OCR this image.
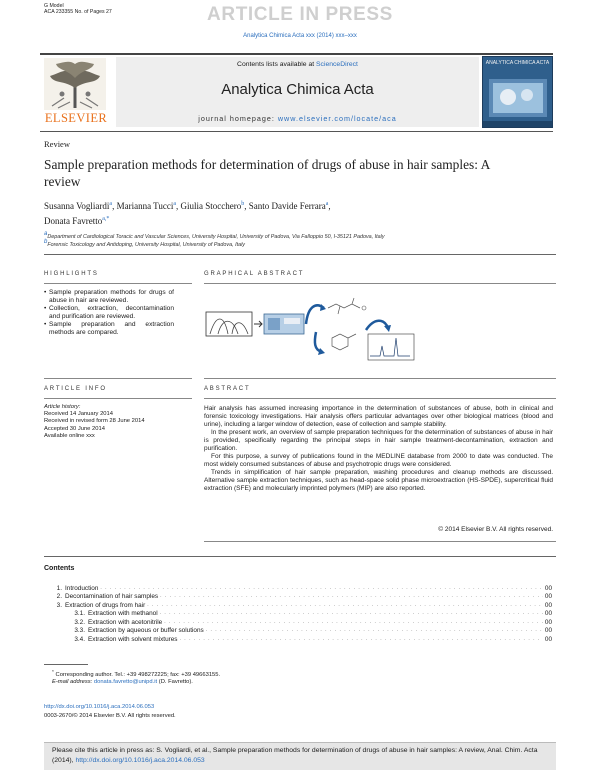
G Model
ACA 233355 No. of Pages 27	ARTICLE IN PRESS
Analytica Chimica Acta xxx (2014) xxx–xxx
ELSEVIER
Contents lists available at ScienceDirect
Analytica Chimica Acta
journal homepage: www.elsevier.com/locate/aca
ANALYTICA CHIMICA ACTA
Review
Sample preparation methods for determination of drugs of abuse in hair samples: A review
Susanna Vogliardi$^a$, Marianna Tucci$^a$, Giulia Stocchero$^b$, Santo Davide Ferrara$^a$,
Donata Favretto$^{a,*}$
$^a$Department of Cardiological Toracic and Vascular Sciences, University Hospital, University of Padova, Via Falloppio 50, I-35121 Padova, Italy
$^b$Forensic Toxicology and Antidoping, University Hospital, University of Padova, Italy
HIGHLIGHTS	GRAPHICAL ABSTRACT
• Sample preparation methods for drugs of abuse in hair are reviewed.
• Collection, extraction, decontamination and purification are reviewed.
• Sample preparation and extraction methods are compared.
ARTICLE INFO	ABSTRACT
Article history:
Received 14 January 2014
Received in revised form 28 June 2014
Accepted 30 June 2014
Available online xxx

Hair analysis has assumed increasing importance in the determination of substances of abuse, both in clinical and forensic toxicology investigations. Hair analysis offers particular advantages over other biological matrices (blood and urine), including a larger window of detection, ease of collection and sample stability.

In the present work, an overview of sample preparation techniques for the determination of substances of abuse in hair is provided, specifically regarding the principal steps in hair sample treatment-decontamination, extraction and purification.

For this purpose, a survey of publications found in the MEDLINE database from 2000 to date was conducted. The most widely consumed substances of abuse and psychotropic drugs were considered.

Trends in simplification of hair sample preparation, washing procedures and cleanup methods are discussed. Alternative sample extraction techniques, such as head-space solid phase microextraction (HS-SPDE), supercritical fluid extraction (SFE) and molecularly imprinted polymers (MIP) are also reported.

© 2014 Elsevier B.V. All rights reserved.
Contents
1. Introduction . . .	00
2. Decontamination of hair samples . . .	00
3. Extraction of drugs from hair . . .	00
3.1. Extraction with methanol . . .	00
3.2. Extraction with acetonitrile . . .	00
3.3. Extraction by aqueous or buffer solutions . . .	00
3.4. Extraction with solvent mixtures . . .	00
* Corresponding author. Tel.: +39 498272225; fax: +39 49663155.
E-mail address: donata.favretto@unipd.it (D. Favretto).
http://dx.doi.org/10.1016/j.aca.2014.06.053
0003-2670/© 2014 Elsevier B.V. All rights reserved.
Please cite this article in press as: S. Vogliardi, et al., Sample preparation methods for determination of drugs of abuse in hair samples: A review, Anal. Chim. Acta (2014), http://dx.doi.org/10.1016/j.aca.2014.06.053
